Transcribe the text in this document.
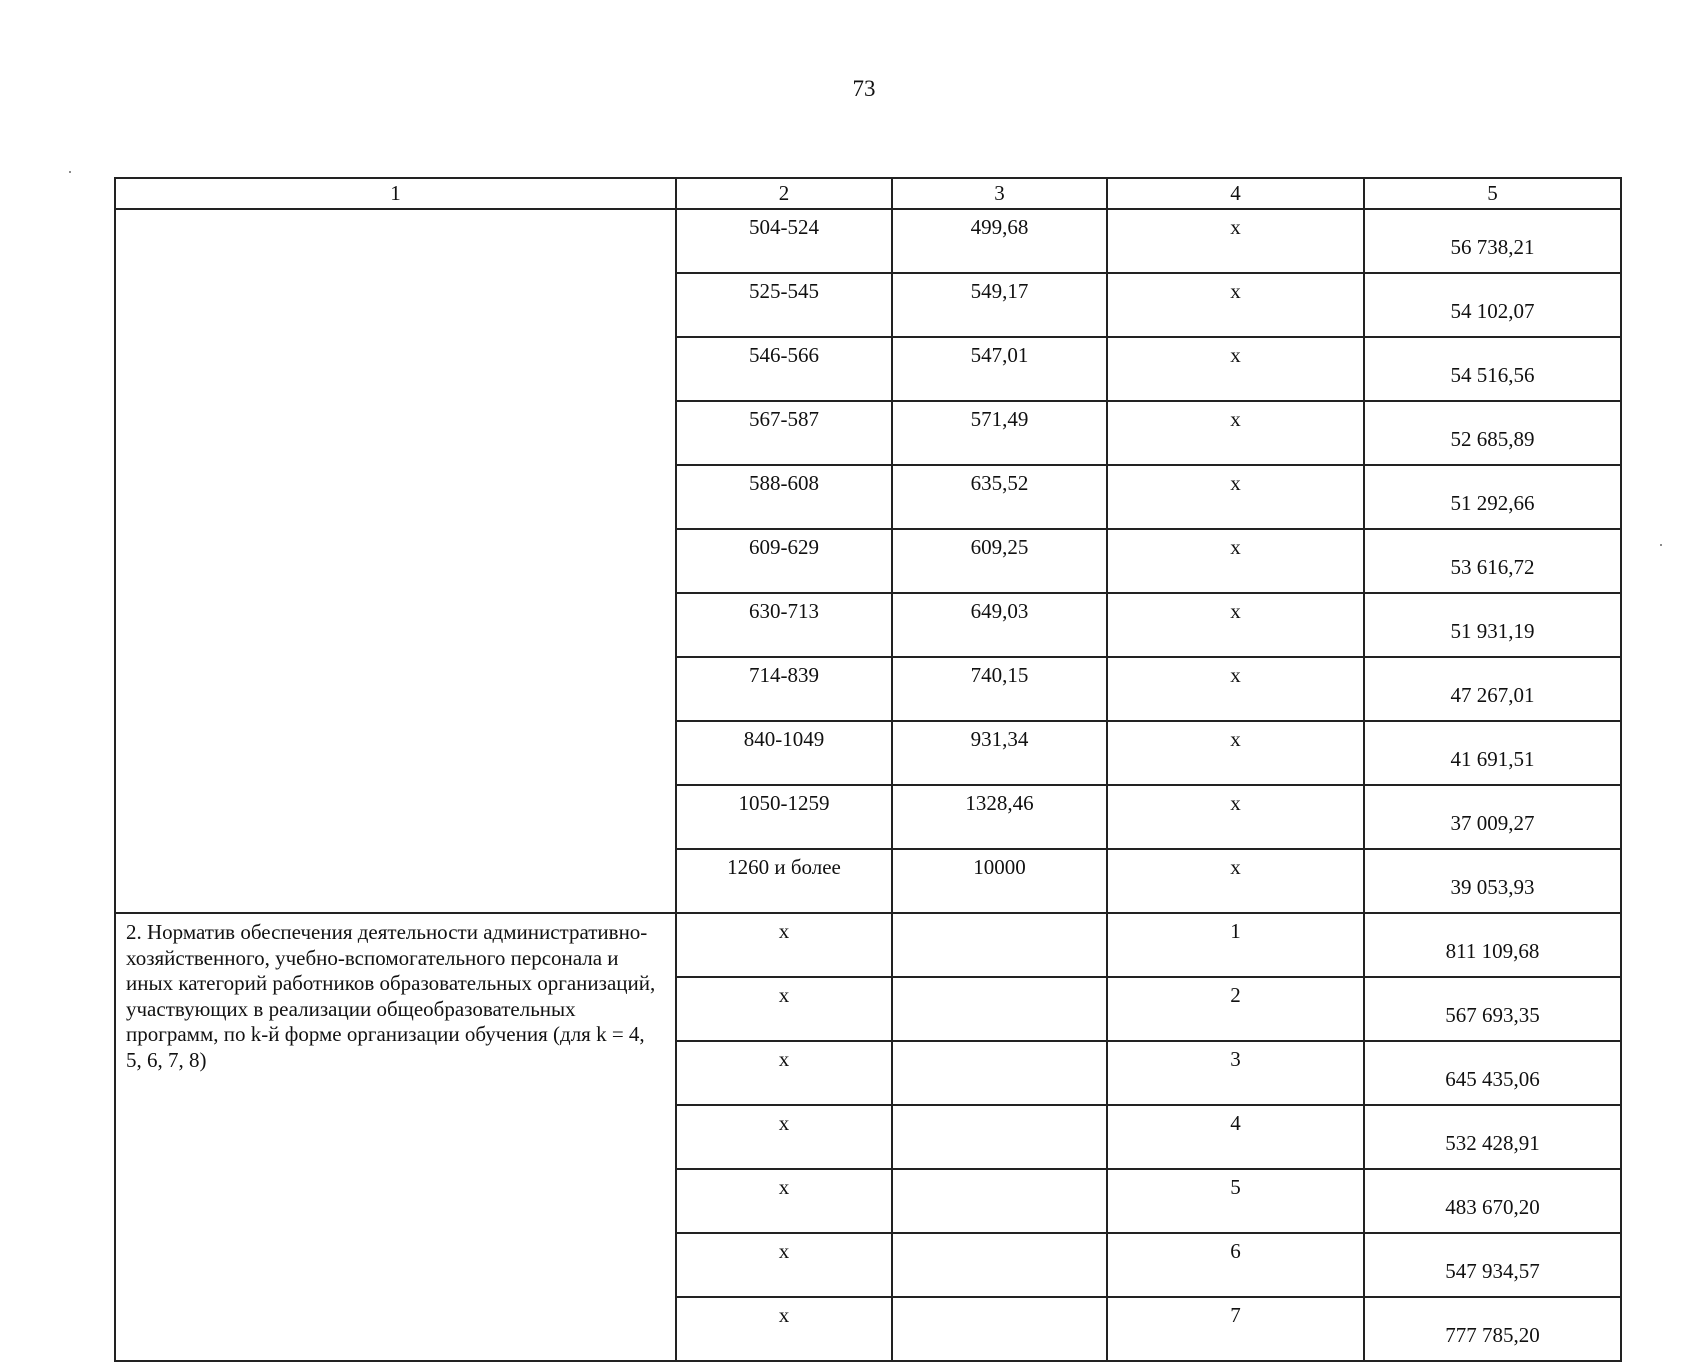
73
1	2	3	4	5
	504-524	499,68	х	56 738,21
	525-545	549,17	х	54 102,07
	546-566	547,01	х	54 516,56
	567-587	571,49	х	52 685,89
	588-608	635,52	х	51 292,66
	609-629	609,25	х	53 616,72
	630-713	649,03	х	51 931,19
	714-839	740,15	х	47 267,01
	840-1049	931,34	х	41 691,51
	1050-1259	1328,46	х	37 009,27
	1260 и более	10000	х	39 053,93
2. Норматив обеспечения деятельности административно-хозяйственного, учебно-вспомогательного персонала и иных категорий работников образовательных организаций, участвующих в реализации общеобразовательных программ, по k-й форме организации обучения (для k = 4, 5, 6, 7, 8)	х		1	811 109,68
	х		2	567 693,35
	х		3	645 435,06
	х		4	532 428,91
	х		5	483 670,20
	х		6	547 934,57
	х		7	777 785,20
